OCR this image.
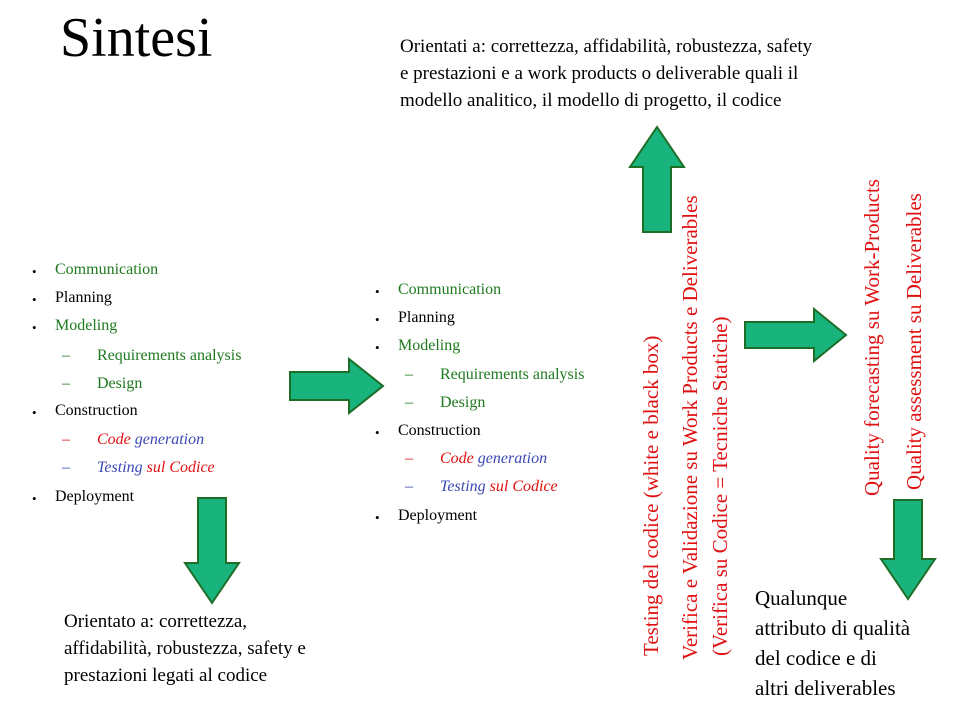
Sintesi	Orientati a: correttezza, affidabilità, robustezza, safety
e prestazioni e a work products o deliverable quali il
modello analitico, il modello di progetto, il codice
• Communication
• Planning
• Modeling
– Requirements analysis
– Design
• Construction
– Code generation
– Testing sul Codice
• Deployment
• Communication
• Planning
• Modeling
– Requirements analysis
– Design
• Construction
– Code generation
– Testing sul Codice
• Deployment	Testing del codice (white e black box) Verifica e Validazione su Work Products e Deliverables (Verifica su Codice = Tecniche Statiche)	Quality forecasting su Work-Products Quality assessment su Deliverables
Orientato a: correttezza,
affidabilità, robustezza, safety e
prestazioni legati al codice
Qualunque
attributo di qualità
del codice e di
altri deliverables
